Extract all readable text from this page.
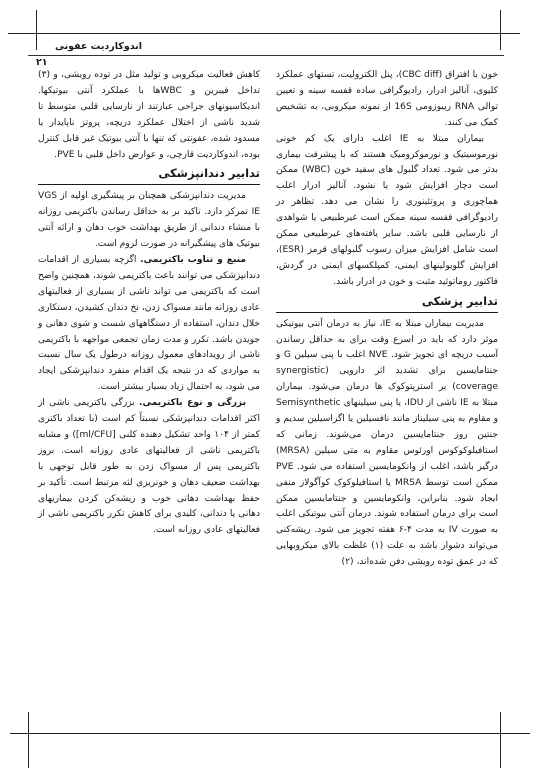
اندوکاردیت عفونی
۲۱

خون با افتراق (CBC diff)، پنل الکترولیت، تستهای عملکرد کلیوی، آنالیز ادرار، رادیوگرافی ساده قفسه سینه و تعیین توالی RNA ریبوزومی 16S از نمونه میکروبی، به تشخیص کمک می کنند.

بیماران مبتلا به IE اغلب دارای یک کم خونی نورموسیتیک و نورموکرومیک هستند که با پیشرفت بیماری بدتر می شود. تعداد گلبول های سفید خون (WBC) ممکن است دچار افزایش شود یا نشود. آنالیز ادرار اغلب هماچوری و پروتئینوری را نشان می دهد. تظاهر در رادیوگرافی قفسه سینه ممکن است غیرطبیعی یا شواهدی از نارسایی قلبی باشد. سایر یافته‌های غیرطبیعی ممکن است شامل افزایش میزان رسوب گلبولهای قرمز (ESR)، افزایش گلوبولینهای ایمنی، کمپلکسهای ایمنی در گردش، فاکتور روماتوئید مثبت و خون در ادرار باشد.

تدابیر پزشکی

مدیریت بیماران مبتلا به IE، نیاز به درمان آنتی بیوتیکی موثر دارد که باید در اسرع وقت برای به حداقل رساندن آسیب دریچه ای تجویز شود. NVE اغلب با پنی سیلین G و جنتامایسین برای تشدید اثر دارویی (synergistic coverage) بر استرپتوکوک ها درمان می‌شود. بیماران مبتلا به IE ناشی از IDU، یا پنی سیلینهای Semisynthetic و مقاوم به پنی سیلیناز مانند نافسیلین یا اگزاسیلین سدیم و جنتین روز جنتامایسین درمان می‌شوند. زمانی که استافیلوکوکوس اورئوس مقاوم به متی سیلین (MRSA) درگیر باشد، اغلب از وانکومایسین استفاده می شود. PVE ممکن است توسط MRSA یا استافیلوکوک کوآگولاز منفی ایجاد شود. بنابراین، وانکومایسین و جنتامایسین ممکن است برای درمان استفاده شوند. درمان آنتی بیوتیکی اغلب به صورت IV به مدت ۴-۶ هفته تجویز می شود. ریشه‌کنی می‌تواند دشوار باشد به علت (۱) غلظت بالای میکروبهایی که در عمق توده رویشی دفن شده‌اند، (۲)

کاهش فعالیت میکروبی و تولید مثل در توده رویشی، و (۳) تداخل فیبرین و WBCها با عملکرد آنتی بیوتیکها. اندیکاسیونهای جراحی عبارتند از نارسایی قلبی متوسط تا شدید ناشی از اختلال عملکرد دریچه، پروتز ناپایدار یا مسدود شده، عفونتی که تنها با آنتی بیوتیک غیر قابل کنترل بوده، اندوکاردیت قارچی، و عوارض داخل قلبی با PVE.

تدابیر دندانپزشکی

مدیریت دندانپزشکی همچنان بر پیشگیری اولیه از VGS IE تمرکز دارد. تاکید بر به حداقل رساندن باکتریمی روزانه با منشاء دندانی از طریق بهداشت خوب دهان و ارائه آنتی بیوتیک های پیشگیرانه در صورت لزوم است.

منبع و تناوب باکتریمی. اگرچه بسیاری از اقدامات دندانپزشکی می توانند باعث باکتریمی شوند، همچنین واضح است که باکتریمی می تواند ناشی از بسیاری از فعالیتهای عادی روزانه مانند مسواک زدن، نخ دندان کشیدن، دستکاری خلال دندان، استفاده از دستگاههای شست و شوی دهانی و جویدن باشد. تکرر و مدت زمان تجمعی مواجهه با باکتریمی ناشی از رویدادهای معمول روزانه درطول یک سال نسبت به مواردی که در نتیجه یک اقدام منفرد دندانپزشکی ایجاد می شود، به احتمال زیاد بسیار بیشتر است.

بزرگی و نوع باکتریمی. بزرگی باکتریمی ناشی از اکثر اقدامات دندانپزشکی نسبتاً کم است (با تعداد باکتری کمتر از ۱۰۴ واحد تشکیل دهنده کلنی [ml/CFU]) و مشابه باکتریمی ناشی از فعالیتهای عادی روزانه است. بروز باکتریمی پس از مسواک زدن به طور قابل توجهی با بهداشت ضعیف دهان و خونریزی لثه مرتبط است. تأکید بر حفظ بهداشت دهانی خوب و ریشه‌کن کردن بیماریهای دهانی یا دندانی، کلیدی برای کاهش تکرر باکتریمی ناشی از فعالیتهای عادی روزانه است.
